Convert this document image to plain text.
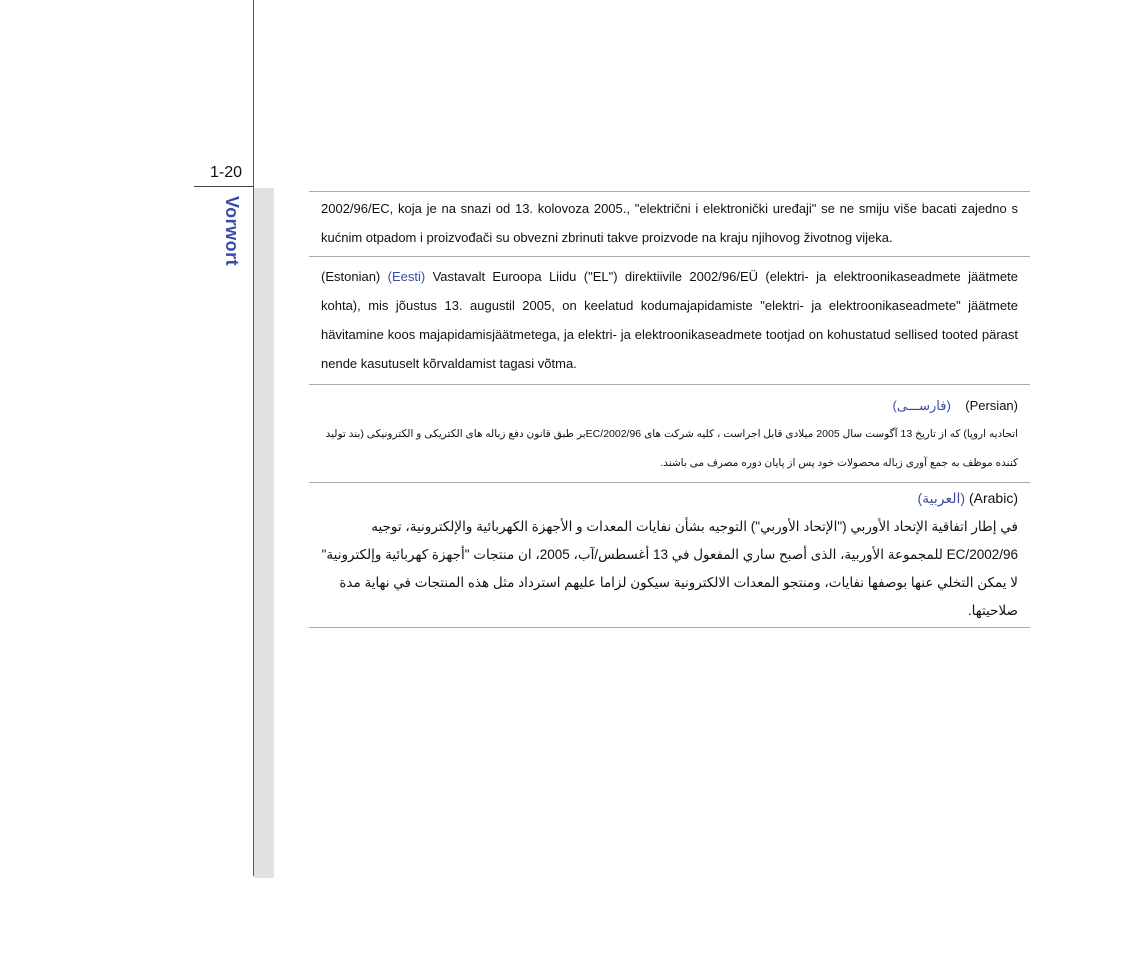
1-20
Vorwort	2002/96/EC, koja je na snazi od 13. kolovoza 2005., "električni i elektronički uređaji" se ne smiju više bacati zajedno s kućnim otpadom i proizvođači su obvezni zbrinuti takve proizvode na kraju njihovog životnog vijeka.
(Estonian) (Eesti) Vastavalt Euroopa Liidu ("EL") direktiivile 2002/96/EÜ (elektri- ja elektroonikaseadmete jäätmete kohta), mis jõustus 13. augustil 2005, on keelatud kodumajapidamiste "elektri- ja elektroonikaseadmete" jäätmete hävitamine koos majapidamisjäätmetega, ja elektri- ja elektroonikaseadmete tootjad on kohustatud sellised tooted pärast nende kasutuselt kõrvaldamist tagasi võtma.
(فارســـی) (Persian)
اتحادیه اروپا) که از تاریخ 13 آگوست سال 2005 میلادی قابل اجراست ، کلیه شرکت های 2002/96/ECبر طبق قانون دفع زباله های الکتریکی و الکترونیکی (بند تولید کننده موظف به جمع آوری زباله محصولات خود پس از پایان دوره مصرف می باشند.
(العربية) (Arabic)
في إطار اتفاقية الإتحاد الأوربي ("الإتحاد الأوربي") التوجيه بشأن نفايات المعدات و الأجهزة الكهربائية والإلكترونية، توجيه 2002/96/EC للمجموعة الأوربية، الذى أصبح ساري المفعول في 13 أغسطس/آب، 2005، ان منتجات "أجهزة كهربائية وإلكترونية" لا يمكن التخلي عنها بوصفها نفايات، ومنتجو المعدات الالكترونية سيكون لزاما عليهم استرداد مثل هذه المنتجات في نهاية مدة صلاحيتها.
